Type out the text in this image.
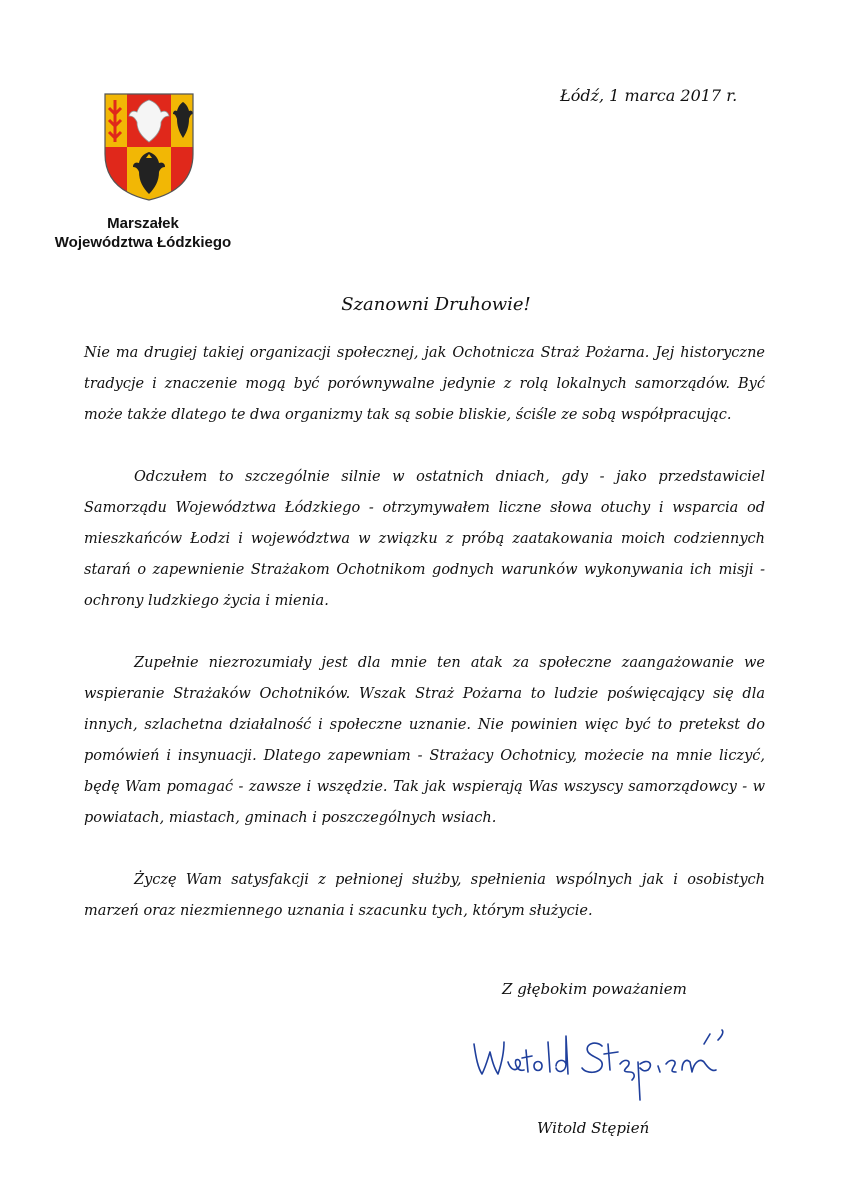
Marszałek
Województwa Łódzkiego
Łódź, 1 marca 2017 r.
Szanowni Druhowie!

Nie ma drugiej takiej organizacji społecznej, jak Ochotnicza Straż Pożarna. Jej historyczne tradycje i znaczenie mogą być porównywalne jedynie z rolą lokalnych samorządów. Być może także dlatego te dwa organizmy tak są sobie bliskie, ściśle ze sobą współpracując.

Odczułem to szczególnie silnie w ostatnich dniach, gdy - jako przedstawiciel Samorządu Województwa Łódzkiego - otrzymywałem liczne słowa otuchy i wsparcia od mieszkańców Łodzi i województwa w związku z próbą zaatakowania moich codziennych starań o zapewnienie Strażakom Ochotnikom godnych warunków wykonywania ich misji - ochrony ludzkiego życia i mienia.

Zupełnie niezrozumiały jest dla mnie ten atak za społeczne zaangażowanie we wspieranie Strażaków Ochotników. Wszak Straż Pożarna to ludzie poświęcający się dla innych, szlachetna działalność i społeczne uznanie. Nie powinien więc być to pretekst do pomówień i insynuacji. Dlatego zapewniam - Strażacy Ochotnicy, możecie na mnie liczyć, będę Wam pomagać - zawsze i wszędzie. Tak jak wspierają Was wszyscy samorządowcy - w powiatach, miastach, gminach i poszczególnych wsiach.

Życzę Wam satysfakcji z pełnionej służby, spełnienia wspólnych jak i osobistych marzeń oraz niezmiennego uznania i szacunku tych, którym służycie.

Z głębokim poważaniem
Witold Stępień
